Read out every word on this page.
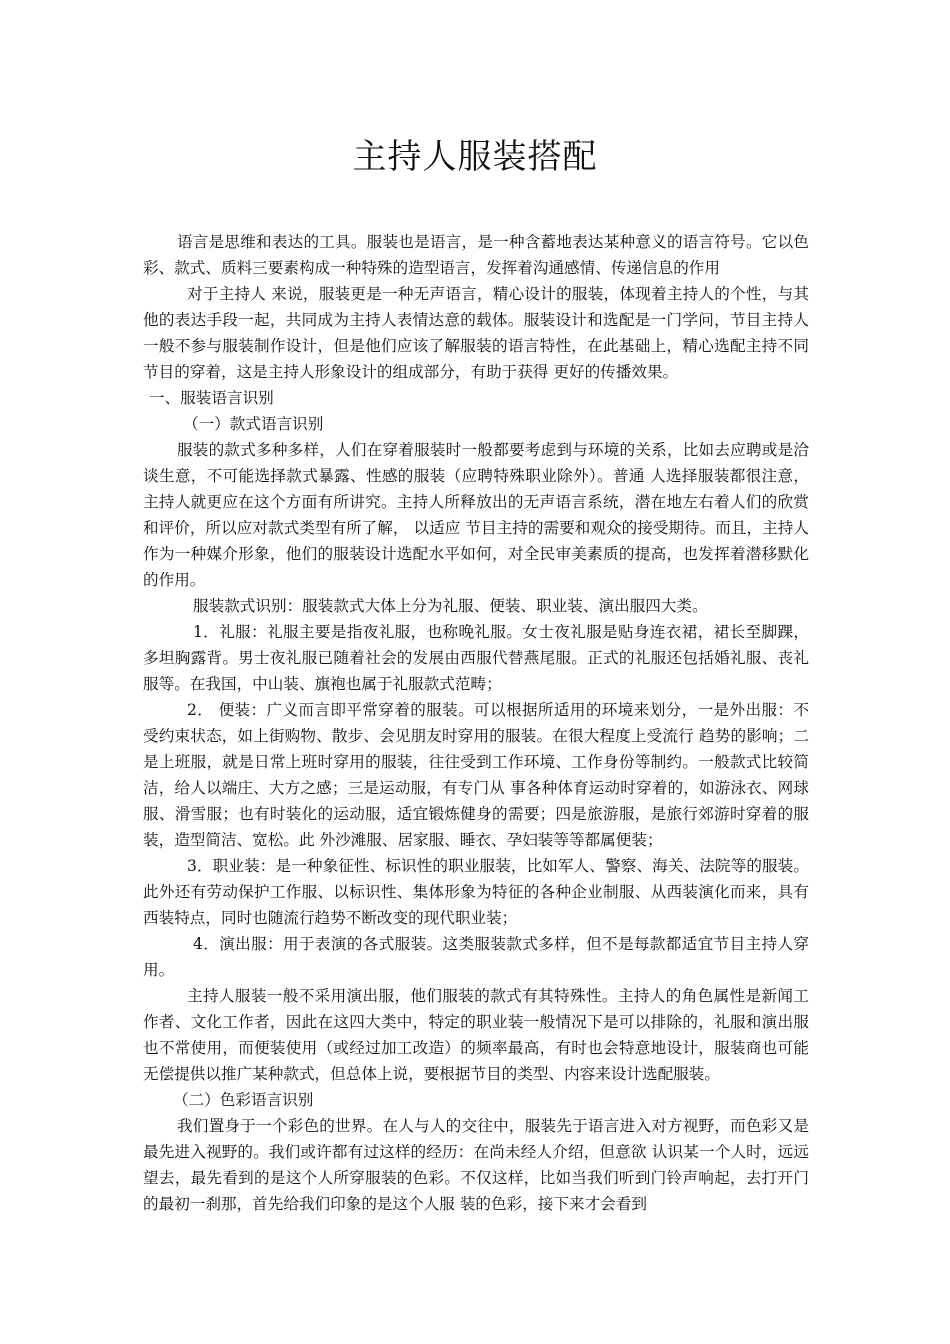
主持人服装搭配

语言是思维和表达的工具。服装也是语言，是一种含蓄地表达某种意义的语言符号。它以色彩、款式、质料三要素构成一种特殊的造型语言，发挥着沟通感情、传递信息的作用

对于主持人 来说，服装更是一种无声语言，精心设计的服装，体现着主持人的个性，与其他的表达手段一起，共同成为主持人表情达意的载体。服装设计和选配是一门学问，节目主持人一般不参与服装制作设计，但是他们应该了解服装的语言特性，在此基础上，精心选配主持不同节目的穿着，这是主持人形象设计的组成部分，有助于获得 更好的传播效果。

一、服装语言识别

（一）款式语言识别

服装的款式多种多样，人们在穿着服装时一般都要考虑到与环境的关系，比如去应聘或是洽谈生意，不可能选择款式暴露、性感的服装（应聘特殊职业除外）。普通 人选择服装都很注意，主持人就更应在这个方面有所讲究。主持人所释放出的无声语言系统，潜在地左右着人们的欣赏和评价，所以应对款式类型有所了解， 以适应 节目主持的需要和观众的接受期待。而且，主持人作为一种媒介形象，他们的服装设计选配水平如何，对全民审美素质的提高，也发挥着潜移默化的作用。

服装款式识别：服装款式大体上分为礼服、便装、职业装、演出服四大类。

1．礼服：礼服主要是指夜礼服，也称晚礼服。女士夜礼服是贴身连衣裙，裙长至脚踝，多坦胸露背。男士夜礼服已随着社会的发展由西服代替燕尾服。正式的礼服还包括婚礼服、丧礼服等。在我国，中山装、旗袍也属于礼服款式范畴；

2． 便装：广义而言即平常穿着的服装。可以根据所适用的环境来划分，一是外出服：不受约束状态，如上街购物、散步、会见朋友时穿用的服装。在很大程度上受流行 趋势的影响；二是上班服，就是日常上班时穿用的服装，往往受到工作环境、工作身份等制约。一般款式比较简洁，给人以端庄、大方之感；三是运动服，有专门从 事各种体育运动时穿着的，如游泳衣、网球服、滑雪服；也有时装化的运动服，适宜锻炼健身的需要；四是旅游服，是旅行郊游时穿着的服装，造型简洁、宽松。此 外沙滩服、居家服、睡衣、孕妇装等等都属便装；

3．职业装：是一种象征性、标识性的职业服装，比如军人、警察、海关、法院等的服装。此外还有劳动保护工作服、以标识性、集体形象为特征的各种企业制服、从西装演化而来，具有西装特点，同时也随流行趋势不断改变的现代职业装；

4．演出服：用于表演的各式服装。这类服装款式多样，但不是每款都适宜节目主持人穿用。

主持人服装一般不采用演出服，他们服装的款式有其特殊性。主持人的角色属性是新闻工作者、文化工作者，因此在这四大类中，特定的职业装一般情况下是可以排除的，礼服和演出服也不常使用，而便装使用（或经过加工改造）的频率最高，有时也会特意地设计，服装商也可能无偿提供以推广某种款式，但总体上说，要根据节目的类型、内容来设计选配服装。

（二）色彩语言识别

我们置身于一个彩色的世界。在人与人的交往中，服装先于语言进入对方视野，而色彩又是最先进入视野的。我们或许都有过这样的经历：在尚未经人介绍，但意欲 认识某一个人时，远远望去，最先看到的是这个人所穿服装的色彩。不仅这样，比如当我们听到门铃声响起，去打开门的最初一刹那，首先给我们印象的是这个人服 装的色彩，接下来才会看到
